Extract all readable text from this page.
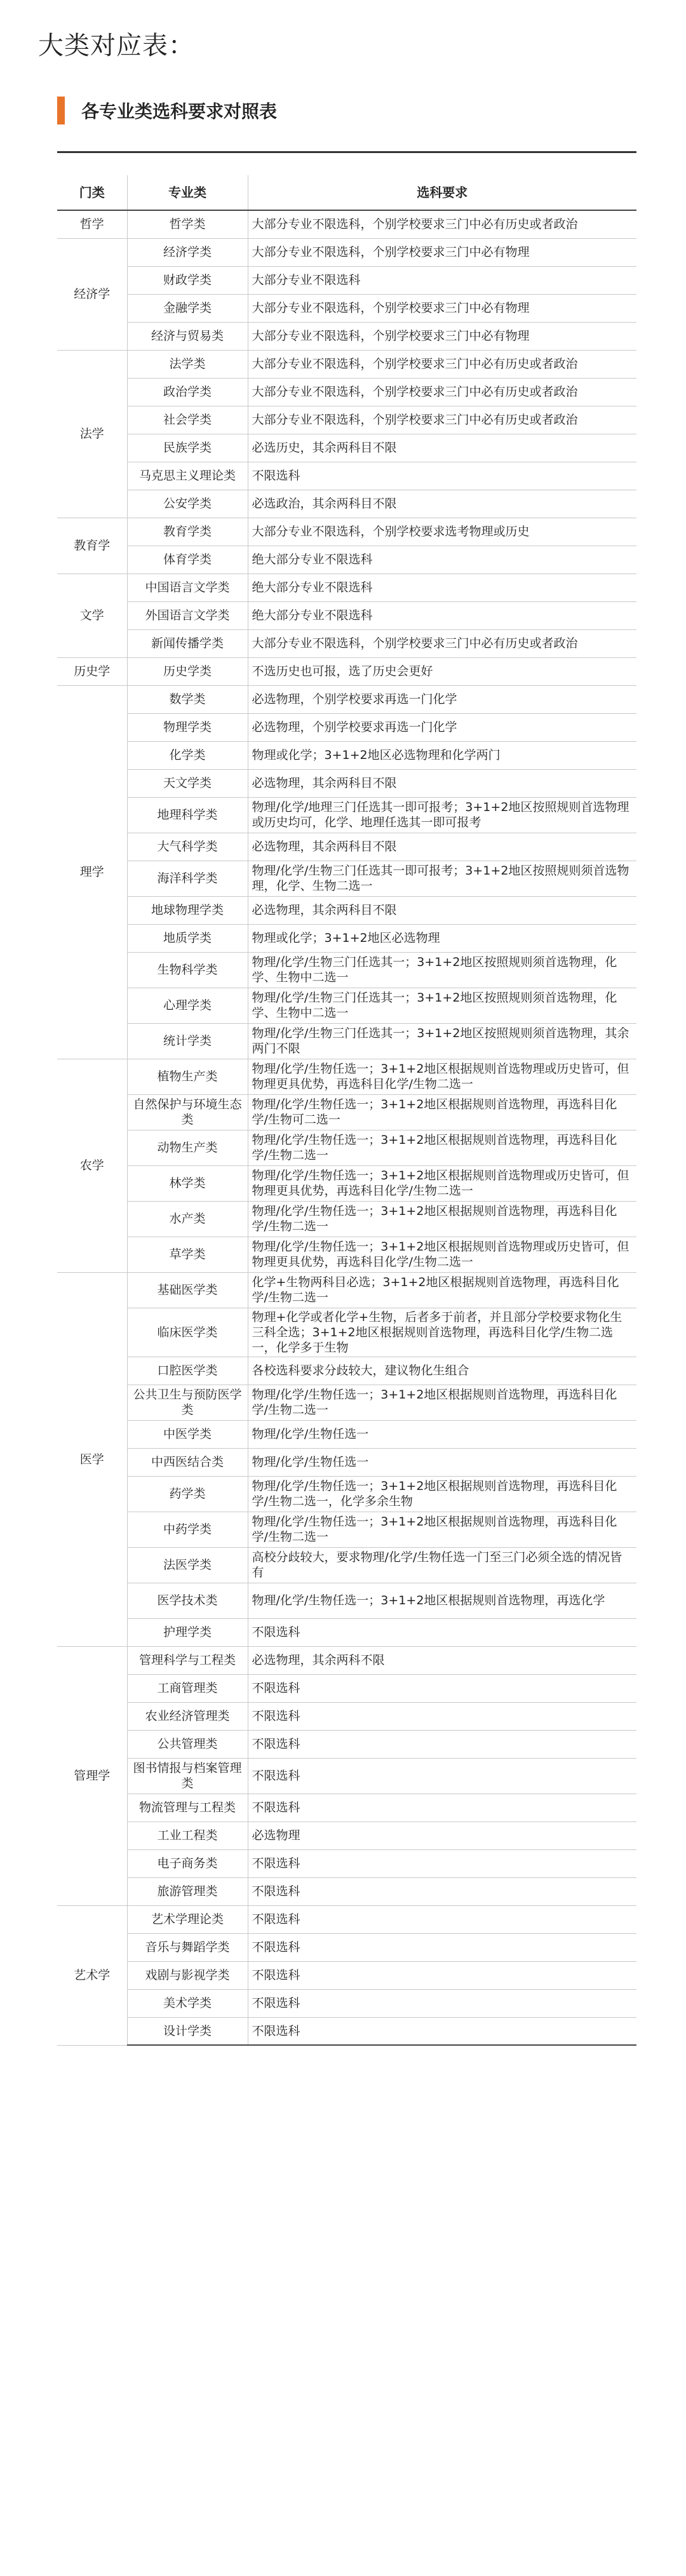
大类对应表：
各专业类选科要求对照表
门类	专业类	选科要求
哲学	哲学类	大部分专业不限选科，个别学校要求三门中必有历史或者政治
经济学	经济学类	大部分专业不限选科，个别学校要求三门中必有物理
	财政学类	大部分专业不限选科
	金融学类	大部分专业不限选科，个别学校要求三门中必有物理
	经济与贸易类	大部分专业不限选科，个别学校要求三门中必有物理
法学	法学类	大部分专业不限选科，个别学校要求三门中必有历史或者政治
	政治学类	大部分专业不限选科，个别学校要求三门中必有历史或者政治
	社会学类	大部分专业不限选科，个别学校要求三门中必有历史或者政治
	民族学类	必选历史，其余两科目不限
	马克思主义理论类	不限选科
	公安学类	必选政治，其余两科目不限
教育学	教育学类	大部分专业不限选科，个别学校要求选考物理或历史
	体育学类	绝大部分专业不限选科
文学	中国语言文学类	绝大部分专业不限选科
	外国语言文学类	绝大部分专业不限选科
	新闻传播学类	大部分专业不限选科，个别学校要求三门中必有历史或者政治
历史学	历史学类	不选历史也可报，选了历史会更好
理学	数学类	必选物理，个别学校要求再选一门化学
	物理学类	必选物理，个别学校要求再选一门化学
	化学类	物理或化学；3+1+2地区必选物理和化学两门
	天文学类	必选物理，其余两科目不限
	地理科学类	物理/化学/地理三门任选其一即可报考；3+1+2地区按照规则首选物理或历史均可，化学、地理任选其一即可报考
	大气科学类	必选物理，其余两科目不限
	海洋科学类	物理/化学/生物三门任选其一即可报考；3+1+2地区按照规则须首选物理，化学、生物二选一
	地球物理学类	必选物理，其余两科目不限
	地质学类	物理或化学；3+1+2地区必选物理
	生物科学类	物理/化学/生物三门任选其一；3+1+2地区按照规则须首选物理，化学、生物中二选一
	心理学类	物理/化学/生物三门任选其一；3+1+2地区按照规则须首选物理，化学、生物中二选一
	统计学类	物理/化学/生物三门任选其一；3+1+2地区按照规则须首选物理，其余两门不限
农学	植物生产类	物理/化学/生物任选一；3+1+2地区根据规则首选物理或历史皆可，但物理更具优势，再选科目化学/生物二选一
	自然保护与环境生态类	物理/化学/生物任选一；3+1+2地区根据规则首选物理，再选科目化学/生物可二选一
	动物生产类	物理/化学/生物任选一；3+1+2地区根据规则首选物理，再选科目化学/生物二选一
	林学类	物理/化学/生物任选一；3+1+2地区根据规则首选物理或历史皆可，但物理更具优势，再选科目化学/生物二选一
	水产类	物理/化学/生物任选一；3+1+2地区根据规则首选物理，再选科目化学/生物二选一
	草学类	物理/化学/生物任选一；3+1+2地区根据规则首选物理或历史皆可，但物理更具优势，再选科目化学/生物二选一
医学	基础医学类	化学+生物两科目必选；3+1+2地区根据规则首选物理，再选科目化学/生物二选一
	临床医学类	物理+化学或者化学+生物，后者多于前者，并且部分学校要求物化生三科全选；3+1+2地区根据规则首选物理，再选科目化学/生物二选一，化学多于生物
	口腔医学类	各校选科要求分歧较大，建议物化生组合
	公共卫生与预防医学类	物理/化学/生物任选一；3+1+2地区根据规则首选物理，再选科目化学/生物二选一
	中医学类	物理/化学/生物任选一
	中西医结合类	物理/化学/生物任选一
	药学类	物理/化学/生物任选一；3+1+2地区根据规则首选物理，再选科目化学/生物二选一，化学多余生物
	中药学类	物理/化学/生物任选一；3+1+2地区根据规则首选物理，再选科目化学/生物二选一
	法医学类	高校分歧较大，要求物理/化学/生物任选一门至三门必须全选的情况皆有
	医学技术类	物理/化学/生物任选一；3+1+2地区根据规则首选物理，再选化学
	护理学类	不限选科
管理学	管理科学与工程类	必选物理，其余两科不限
	工商管理类	不限选科
	农业经济管理类	不限选科
	公共管理类	不限选科
	图书情报与档案管理类	不限选科
	物流管理与工程类	不限选科
	工业工程类	必选物理
	电子商务类	不限选科
	旅游管理类	不限选科
艺术学	艺术学理论类	不限选科
	音乐与舞蹈学类	不限选科
	戏剧与影视学类	不限选科
	美术学类	不限选科
	设计学类	不限选科
